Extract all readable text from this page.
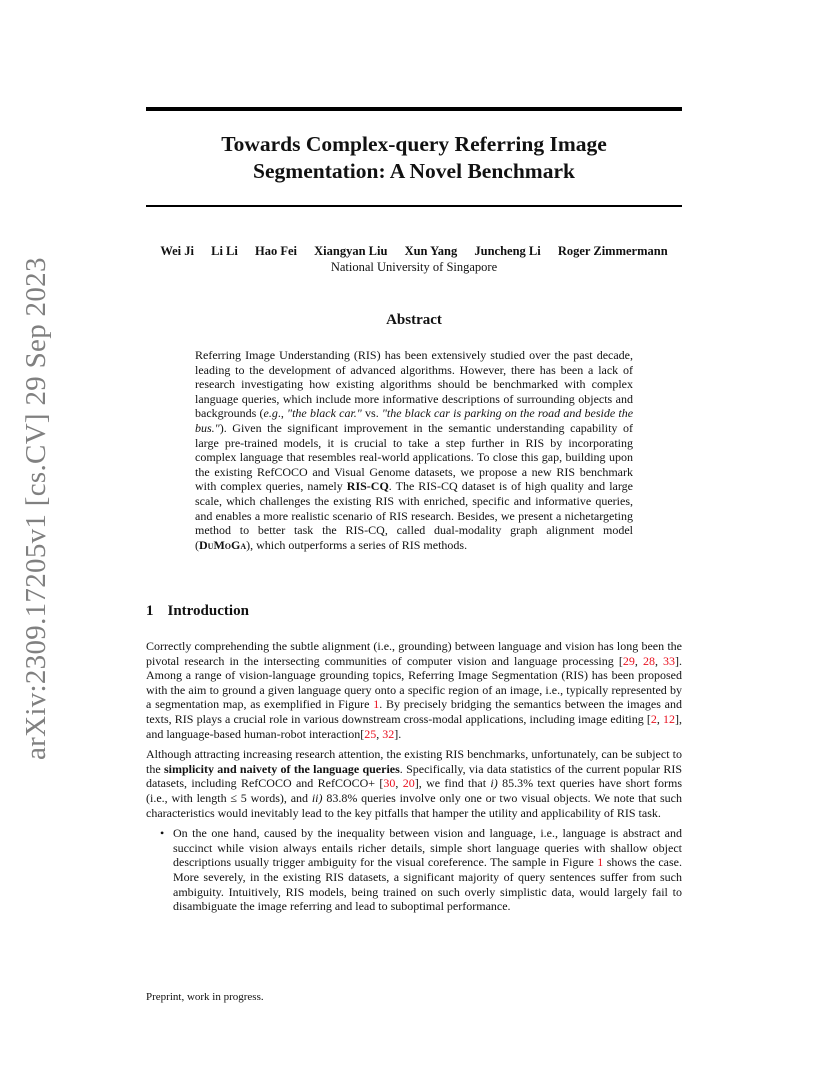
arXiv:2309.17205v1 [cs.CV] 29 Sep 2023
Towards Complex-query Referring Image
Segmentation: A Novel Benchmark
Wei Ji Li Li Hao Fei Xiangyan Liu Xun Yang Juncheng Li Roger Zimmermann
National University of Singapore
Abstract

Referring Image Understanding (RIS) has been extensively studied over the past decade, leading to the development of advanced algorithms. However, there has been a lack of research investigating how existing algorithms should be benchmarked with complex language queries, which include more informative descriptions of surrounding objects and backgrounds (e.g., "the black car." vs. "the black car is parking on the road and beside the bus."). Given the significant improvement in the semantic understanding capability of large pre-trained models, it is crucial to take a step further in RIS by incorporating complex language that resembles real-world applications. To close this gap, building upon the existing RefCOCO and Visual Genome datasets, we propose a new RIS benchmark with complex queries, namely RIS-CQ. The RIS-CQ dataset is of high quality and large scale, which challenges the existing RIS with enriched, specific and informative queries, and enables a more realistic scenario of RIS research. Besides, we present a nichetargeting method to better task the RIS-CQ, called dual-modality graph alignment model (DuMoGa), which outperforms a series of RIS methods.

1 Introduction

Correctly comprehending the subtle alignment (i.e., grounding) between language and vision has long been the pivotal research in the intersecting communities of computer vision and language processing [29, 28, 33]. Among a range of vision-language grounding topics, Referring Image Segmentation (RIS) has been proposed with the aim to ground a given language query onto a specific region of an image, i.e., typically represented by a segmentation map, as exemplified in Figure 1. By precisely bridging the semantics between the images and texts, RIS plays a crucial role in various downstream cross-modal applications, including image editing [2, 12], and language-based human-robot interaction[25, 32].

Although attracting increasing research attention, the existing RIS benchmarks, unfortunately, can be subject to the simplicity and naivety of the language queries. Specifically, via data statistics of the current popular RIS datasets, including RefCOCO and RefCOCO+ [30, 20], we find that i) 85.3% text queries have short forms (i.e., with length ≤ 5 words), and ii) 83.8% queries involve only one or two visual objects. We note that such characteristics would inevitably lead to the key pitfalls that hamper the utility and applicability of RIS task.

• On the one hand, caused by the inequality between vision and language, i.e., language is abstract and succinct while vision always entails richer details, simple short language queries with shallow object descriptions usually trigger ambiguity for the visual coreference. The sample in Figure 1 shows the case. More severely, in the existing RIS datasets, a significant majority of query sentences suffer from such ambiguity. Intuitively, RIS models, being trained on such overly simplistic data, would largely fail to disambiguate the image referring and lead to suboptimal performance.
Preprint, work in progress.
